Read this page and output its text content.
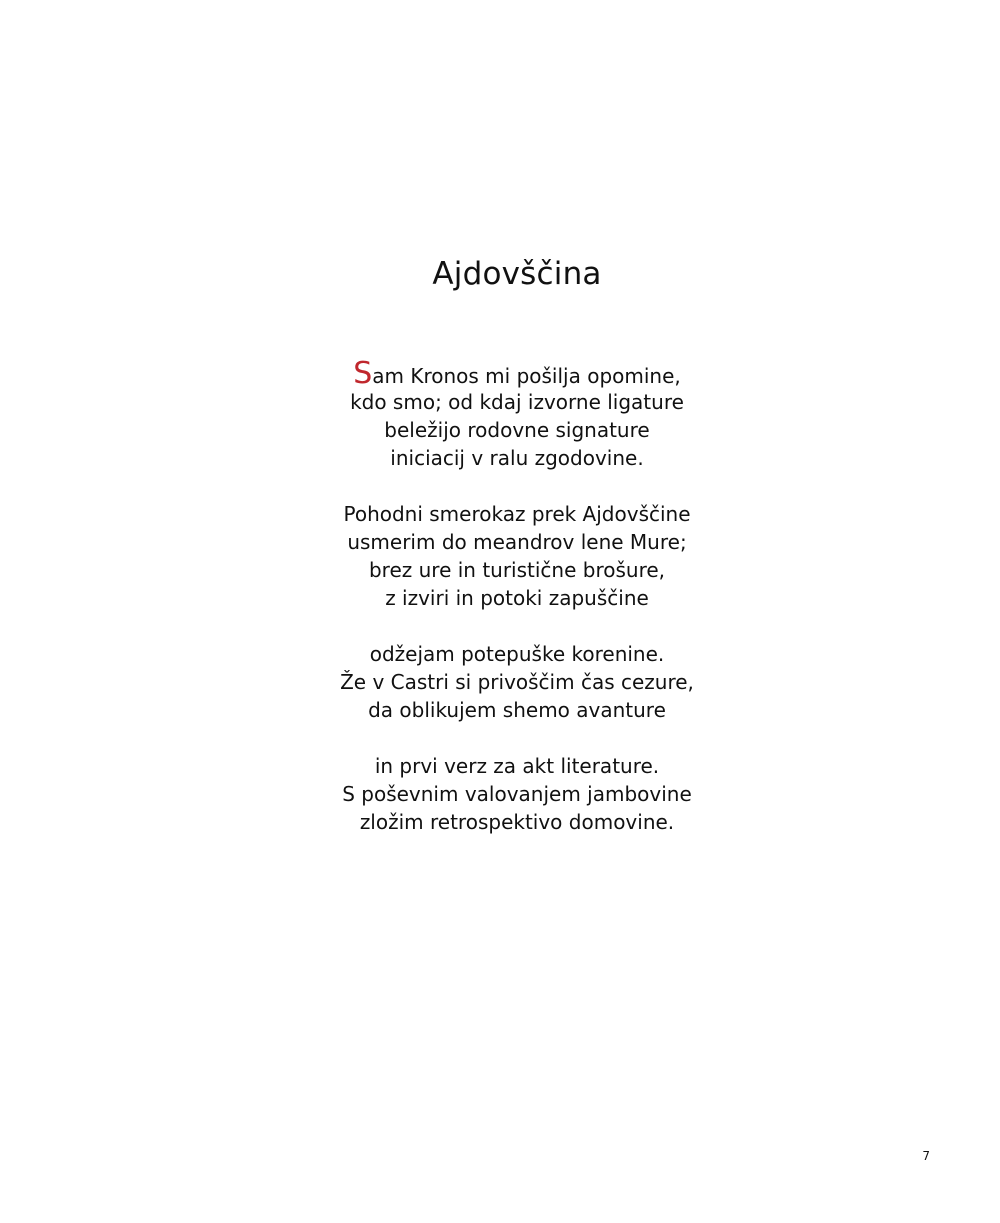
Ajdovščina
Sam Kronos mi pošilja opomine,
kdo smo; od kdaj izvorne ligature
beležijo rodovne signature
iniciacij v ralu zgodovine.
Pohodni smerokaz prek Ajdovščine
usmerim do meandrov lene Mure;
brez ure in turistične brošure,
z izviri in potoki zapuščine
odžejam potepuške korenine.
Že v Castri si privoščim čas cezure,
da oblikujem shemo avanture
in prvi verz za akt literature.
S poševnim valovanjem jambovine
zložim retrospektivo domovine.
7
